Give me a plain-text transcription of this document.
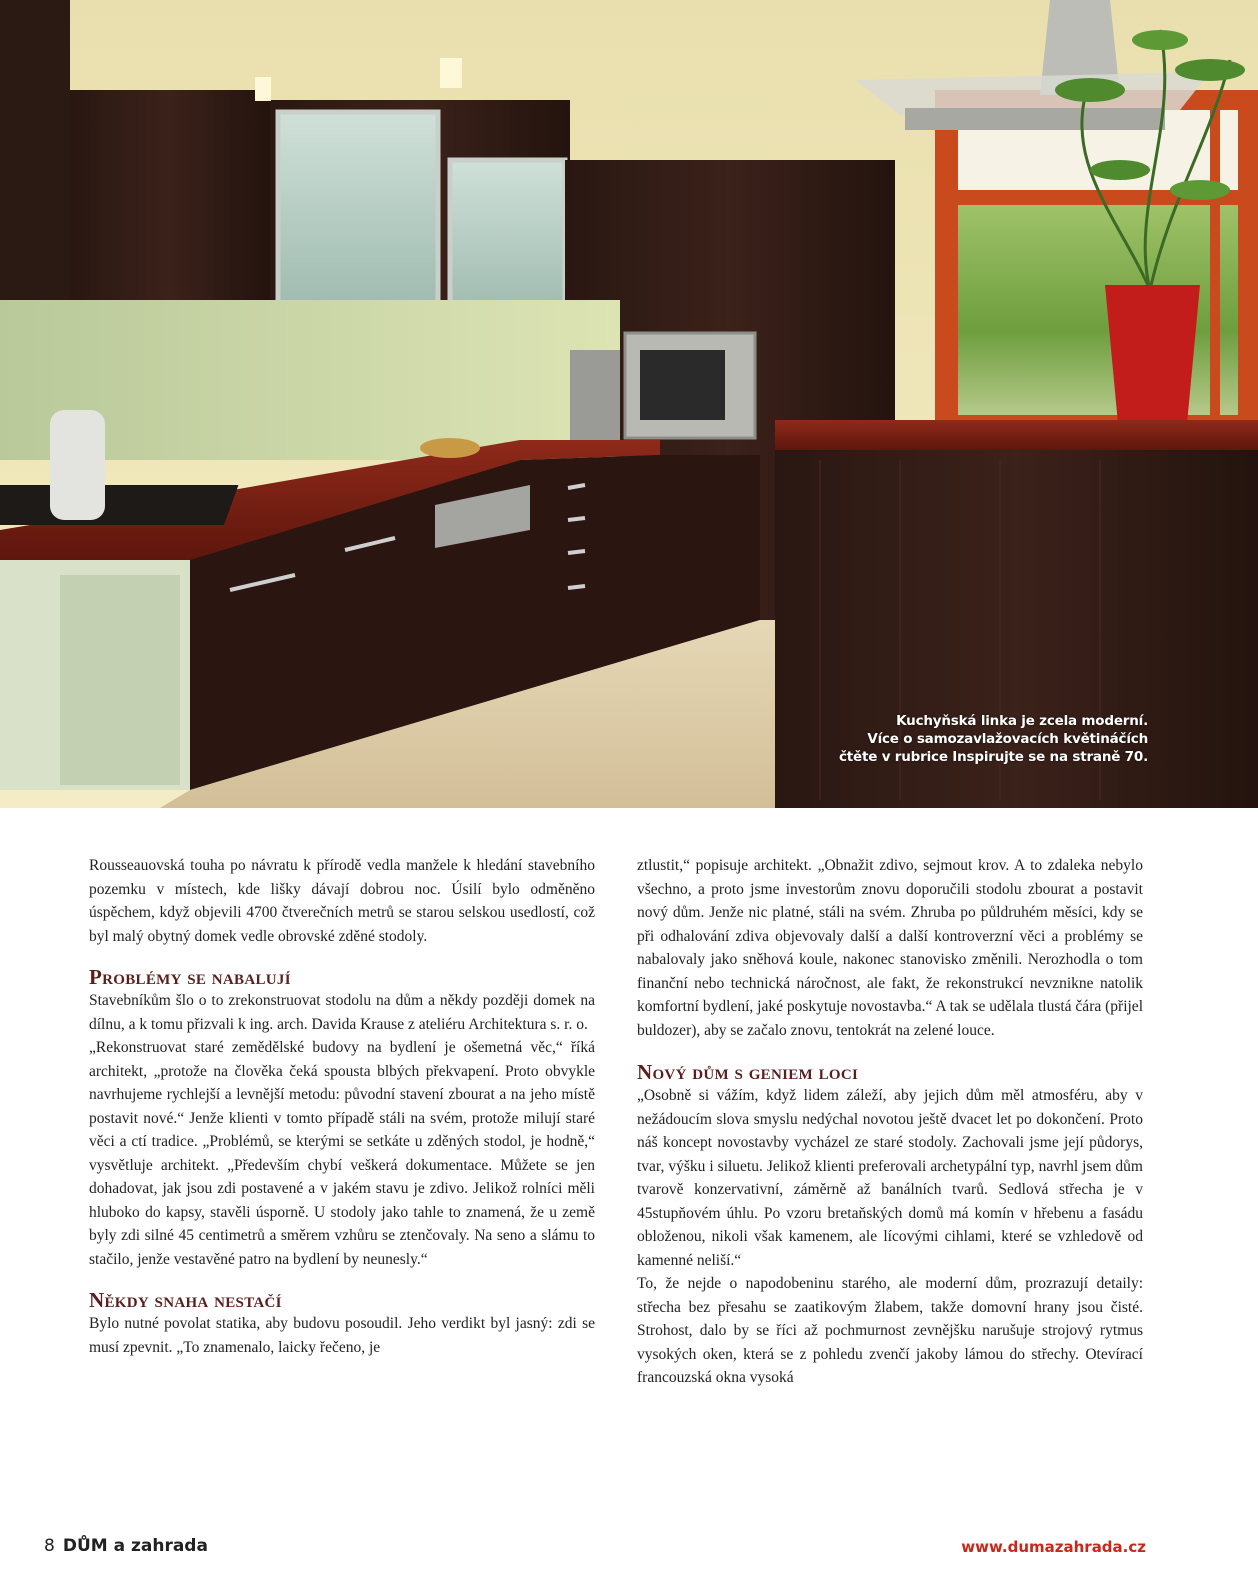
Kuchyňská linka je zcela moderní.
Více o samozavlažovacích květináčích
čtěte v rubrice Inspirujte se na straně 70.

Rousseauovská touha po návratu k přírodě vedla manžele k hledání stavebního pozemku v místech, kde lišky dávají dobrou noc. Úsilí bylo odměněno úspěchem, když objevili 4700 čtverečních metrů se starou selskou usedlostí, což byl malý obytný domek vedle obrovské zděné stodoly.

Problémy se nabalují

Stavebníkům šlo o to zrekonstruovat stodolu na dům a někdy později domek na dílnu, a k tomu přizvali k ing. arch. Davida Krause z ateliéru Architektura s. r. o.

„Rekonstruovat staré zemědělské budovy na bydlení je ošemetná věc,“ říká architekt, „protože na člověka čeká spousta blbých překvapení. Proto obvykle navrhujeme rychlejší a levnější metodu: původní stavení zbourat a na jeho místě postavit nové.“ Jenže klienti v tomto případě stáli na svém, protože milují staré věci a ctí tradice. „Problémů, se kterými se setkáte u zděných stodol, je hodně,“ vysvětluje architekt. „Především chybí veškerá dokumentace. Můžete se jen dohadovat, jak jsou zdi postavené a v jakém stavu je zdivo. Jelikož rolníci měli hluboko do kapsy, stavěli úsporně. U stodoly jako tahle to znamená, že u země byly zdi silné 45 centimetrů a směrem vzhůru se ztenčovaly. Na seno a slámu to stačilo, jenže vestavěné patro na bydlení by neunesly.“

Někdy snaha nestačí

Bylo nutné povolat statika, aby budovu posoudil. Jeho verdikt byl jasný: zdi se musí zpevnit. „To znamenalo, laicky řečeno, je

ztlustit,“ popisuje architekt. „Obnažit zdivo, sejmout krov. A to zdaleka nebylo všechno, a proto jsme investorům znovu doporučili stodolu zbourat a postavit nový dům. Jenže nic platné, stáli na svém. Zhruba po půldruhém měsíci, kdy se při odhalování zdiva objevovaly další a další kontroverzní věci a problémy se nabalovaly jako sněhová koule, nakonec stanovisko změnili. Nerozhodla o tom finanční nebo technická náročnost, ale fakt, že rekonstrukcí nevznikne natolik komfortní bydlení, jaké poskytuje novostavba.“ A tak se udělala tlustá čára (přijel buldozer), aby se začalo znovu, tentokrát na zelené louce.

Nový dům s geniem loci

„Osobně si vážím, když lidem záleží, aby jejich dům měl atmosféru, aby v nežádoucím slova smyslu nedýchal novotou ještě dvacet let po dokončení. Proto náš koncept novostavby vycházel ze staré stodoly. Zachovali jsme její půdorys, tvar, výšku i siluetu. Jelikož klienti preferovali archetypální typ, navrhl jsem dům tvarově konzervativní, záměrně až banálních tvarů. Sedlová střecha je v 45stupňovém úhlu. Po vzoru bretaňských domů má komín v hřebenu a fasádu obloženou, nikoli však kamenem, ale lícovými cihlami, které se vzhledově od kamenné neliší.“

To, že nejde o napodobeninu starého, ale moderní dům, prozrazují detaily: střecha bez přesahu se zaatikovým žlabem, takže domovní hrany jsou čisté. Strohost, dalo by se říci až pochmurnost zevnějšku narušuje strojový rytmus vysokých oken, která se z pohledu zvenčí jakoby lámou do střechy. Otevírací francouzská okna vysoká

8 DŮM a zahrada	www.dumazahrada.cz
